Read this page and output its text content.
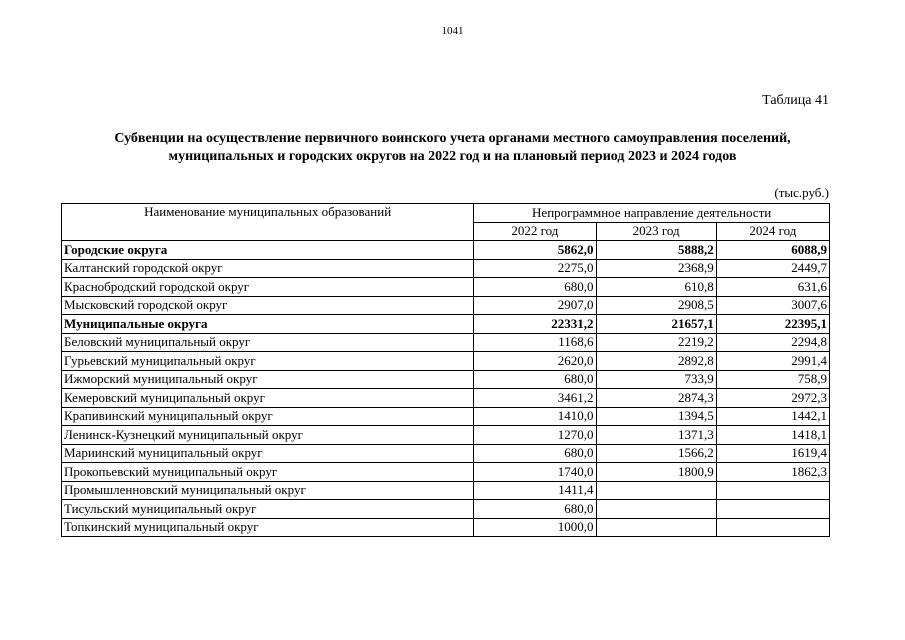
1041
Таблица 41
Субвенции на осуществление первичного воинского учета органами местного самоуправления поселений,
муниципальных и городских округов на 2022 год и на плановый период 2023 и 2024 годов
(тыс.руб.)
Наименование муниципальных образований	Непрограммное направление деятельности		
	2022 год	2023 год	2024 год
Городские округа	5862,0	5888,2	6088,9
Калтанский городской округ	2275,0	2368,9	2449,7
Краснобродский городской округ	680,0	610,8	631,6
Мысковский городской округ	2907,0	2908,5	3007,6
Муниципальные округа	22331,2	21657,1	22395,1
Беловский муниципальный округ	1168,6	2219,2	2294,8
Гурьевский муниципальный округ	2620,0	2892,8	2991,4
Ижморский муниципальный округ	680,0	733,9	758,9
Кемеровский муниципальный округ	3461,2	2874,3	2972,3
Крапивинский муниципальный округ	1410,0	1394,5	1442,1
Ленинск-Кузнецкий муниципальный округ	1270,0	1371,3	1418,1
Мариинский муниципальный округ	680,0	1566,2	1619,4
Прокопьевский муниципальный округ	1740,0	1800,9	1862,3
Промышленновский муниципальный округ	1411,4		
Тисульский муниципальный округ	680,0		
Топкинский муниципальный округ	1000,0		
